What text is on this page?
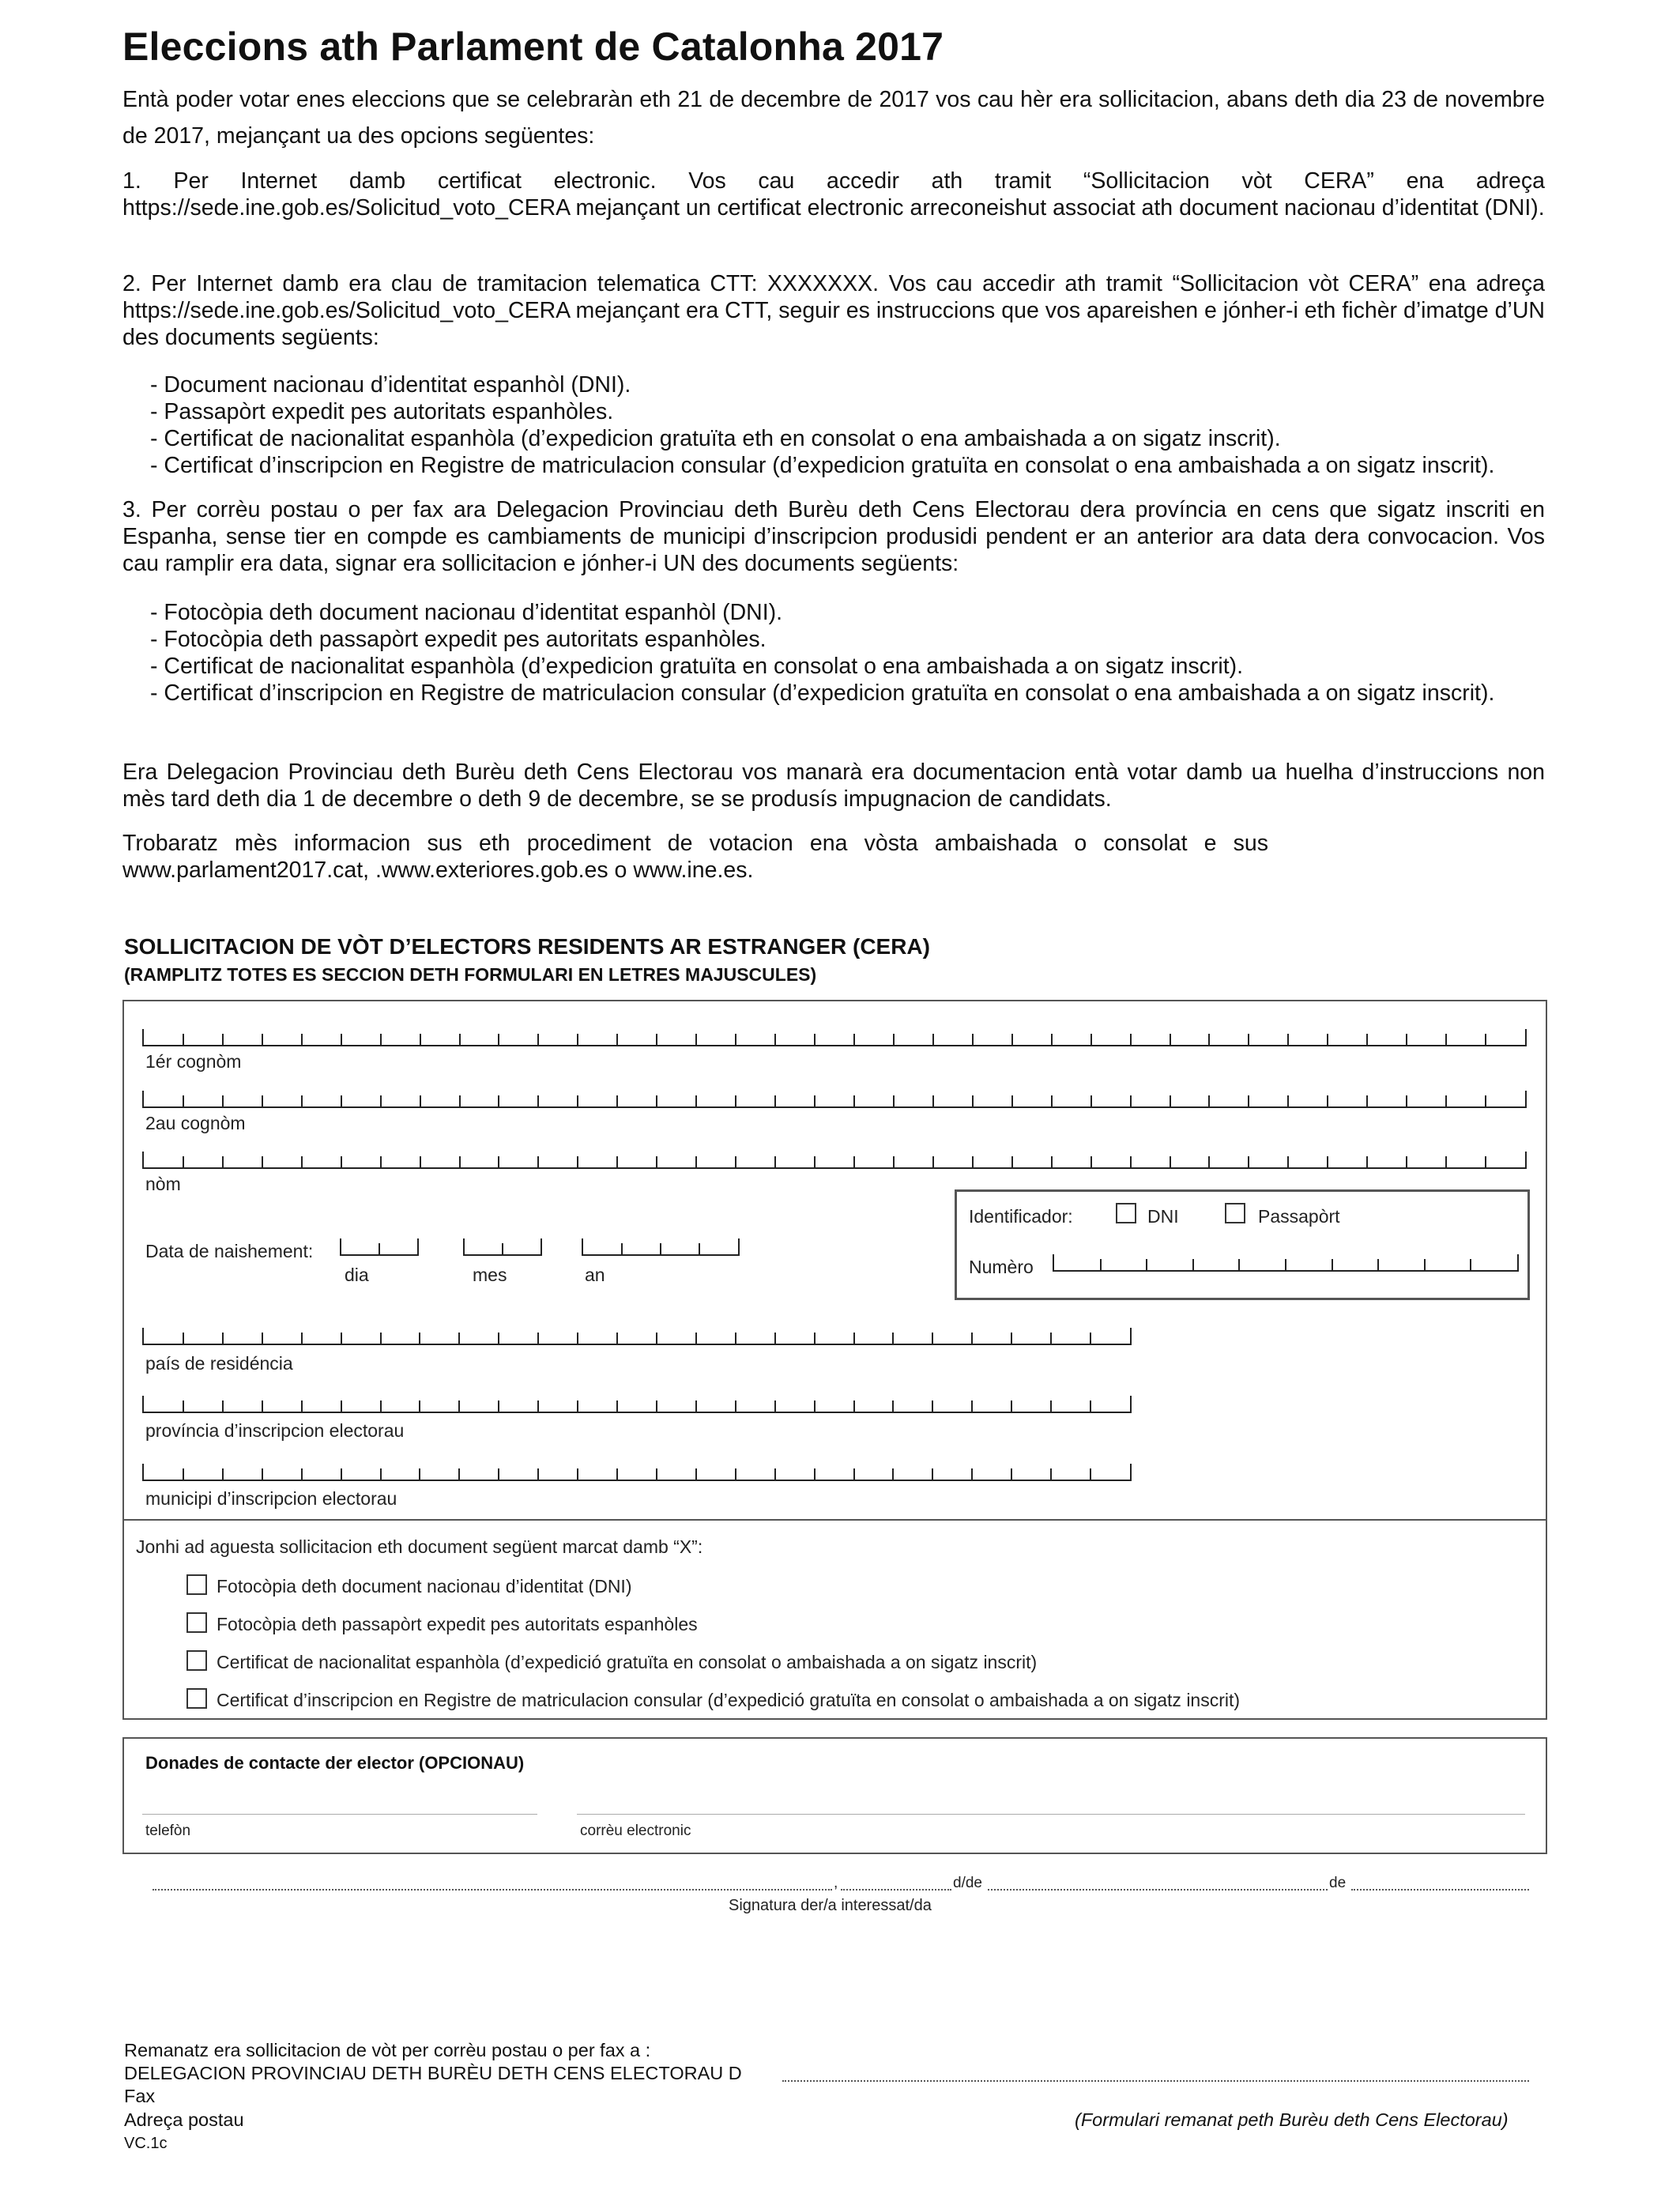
Eleccions ath Parlament de Catalonha 2017

Entà poder votar enes eleccions que se celebraràn eth 21 de decembre de 2017 vos cau hèr era sollicitacion, abans deth dia 23 de novembre de 2017, mejançant ua des opcions següentes:

1. Per Internet damb certificat electronic. Vos cau accedir ath tramit “Sollicitacion vòt CERA” ena adreça https://sede.ine.gob.es/Solicitud_voto_CERA mejançant un certificat electronic arreconeishut associat ath document nacionau d’identitat (DNI).

2. Per Internet damb era clau de tramitacion telematica CTT: XXXXXXX. Vos cau accedir ath tramit “Sollicitacion vòt CERA” ena adreça https://sede.ine.gob.es/Solicitud_voto_CERA mejançant era CTT, seguir es instruccions que vos apareishen e jónher-i eth fichèr d’imatge d’UN des documents següents:

- Document nacionau d’identitat espanhòl (DNI).
- Passapòrt expedit pes autoritats espanhòles.
- Certificat de nacionalitat espanhòla (d’expedicion gratuïta eth en consolat o ena ambaishada a on sigatz inscrit).
- Certificat d’inscripcion en Registre de matriculacion consular (d’expedicion gratuïta en consolat o ena ambaishada a on sigatz inscrit).

3. Per corrèu postau o per fax ara Delegacion Provinciau deth Burèu deth Cens Electorau dera província en cens que sigatz inscriti en Espanha, sense tier en compde es cambiaments de municipi d’inscripcion produsidi pendent er an anterior ara data dera convocacion. Vos cau ramplir era data, signar era sollicitacion e jónher-i UN des documents següents:

- Fotocòpia deth document nacionau d’identitat espanhòl (DNI).
- Fotocòpia deth passapòrt expedit pes autoritats espanhòles.
- Certificat de nacionalitat espanhòla (d’expedicion gratuïta en consolat o ena ambaishada a on sigatz inscrit).
- Certificat d’inscripcion en Registre de matriculacion consular (d’expedicion gratuïta en consolat o ena ambaishada a on sigatz inscrit).

Era Delegacion Provinciau deth Burèu deth Cens Electorau vos manarà era documentacion entà votar damb ua huelha d’instruccions non mès tard deth dia 1 de decembre o deth 9 de decembre, se se produsís impugnacion de candidats.

Trobaratz mès informacion sus eth procediment de votacion ena vòsta ambaishada o consolat e sus www.parlament2017.cat, .www.exteriores.gob.es o www.ine.es.

SOLLICITACION DE VÒT D’ELECTORS RESIDENTS AR ESTRANGER (CERA)
(RAMPLITZ TOTES ES SECCION DETH FORMULARI EN LETRES MAJUSCULES)
1ér cognòm
2au cognòm
nòm
Data de naishement:
dia	mes	an
Identificador:	DNI	Passapòrt
Numèro
país de residéncia
província d’inscripcion electorau
municipi d’inscripcion electorau
Jonhi ad aguesta sollicitacion eth document següent marcat damb “X”:
Fotocòpia deth document nacionau d’identitat (DNI)
Fotocòpia deth passapòrt expedit pes autoritats espanhòles
Certificat de nacionalitat espanhòla (d’expedició gratuïta en consolat o ambaishada a on sigatz inscrit)
Certificat d’inscripcion en Registre de matriculacion consular (d’expedició gratuïta en consolat o ambaishada a on sigatz inscrit)
Donades de contacte der elector (OPCIONAU)
telefòn	corrèu electronic
,	d/de	de
Signatura der/a interessat/da
Remanatz era sollicitacion de vòt per corrèu postau o per fax a :
DELEGACION PROVINCIAU DETH BURÈU DETH CENS ELECTORAU D
Fax
Adreça postau
VC.1c
(Formulari remanat peth Burèu deth Cens Electorau)
